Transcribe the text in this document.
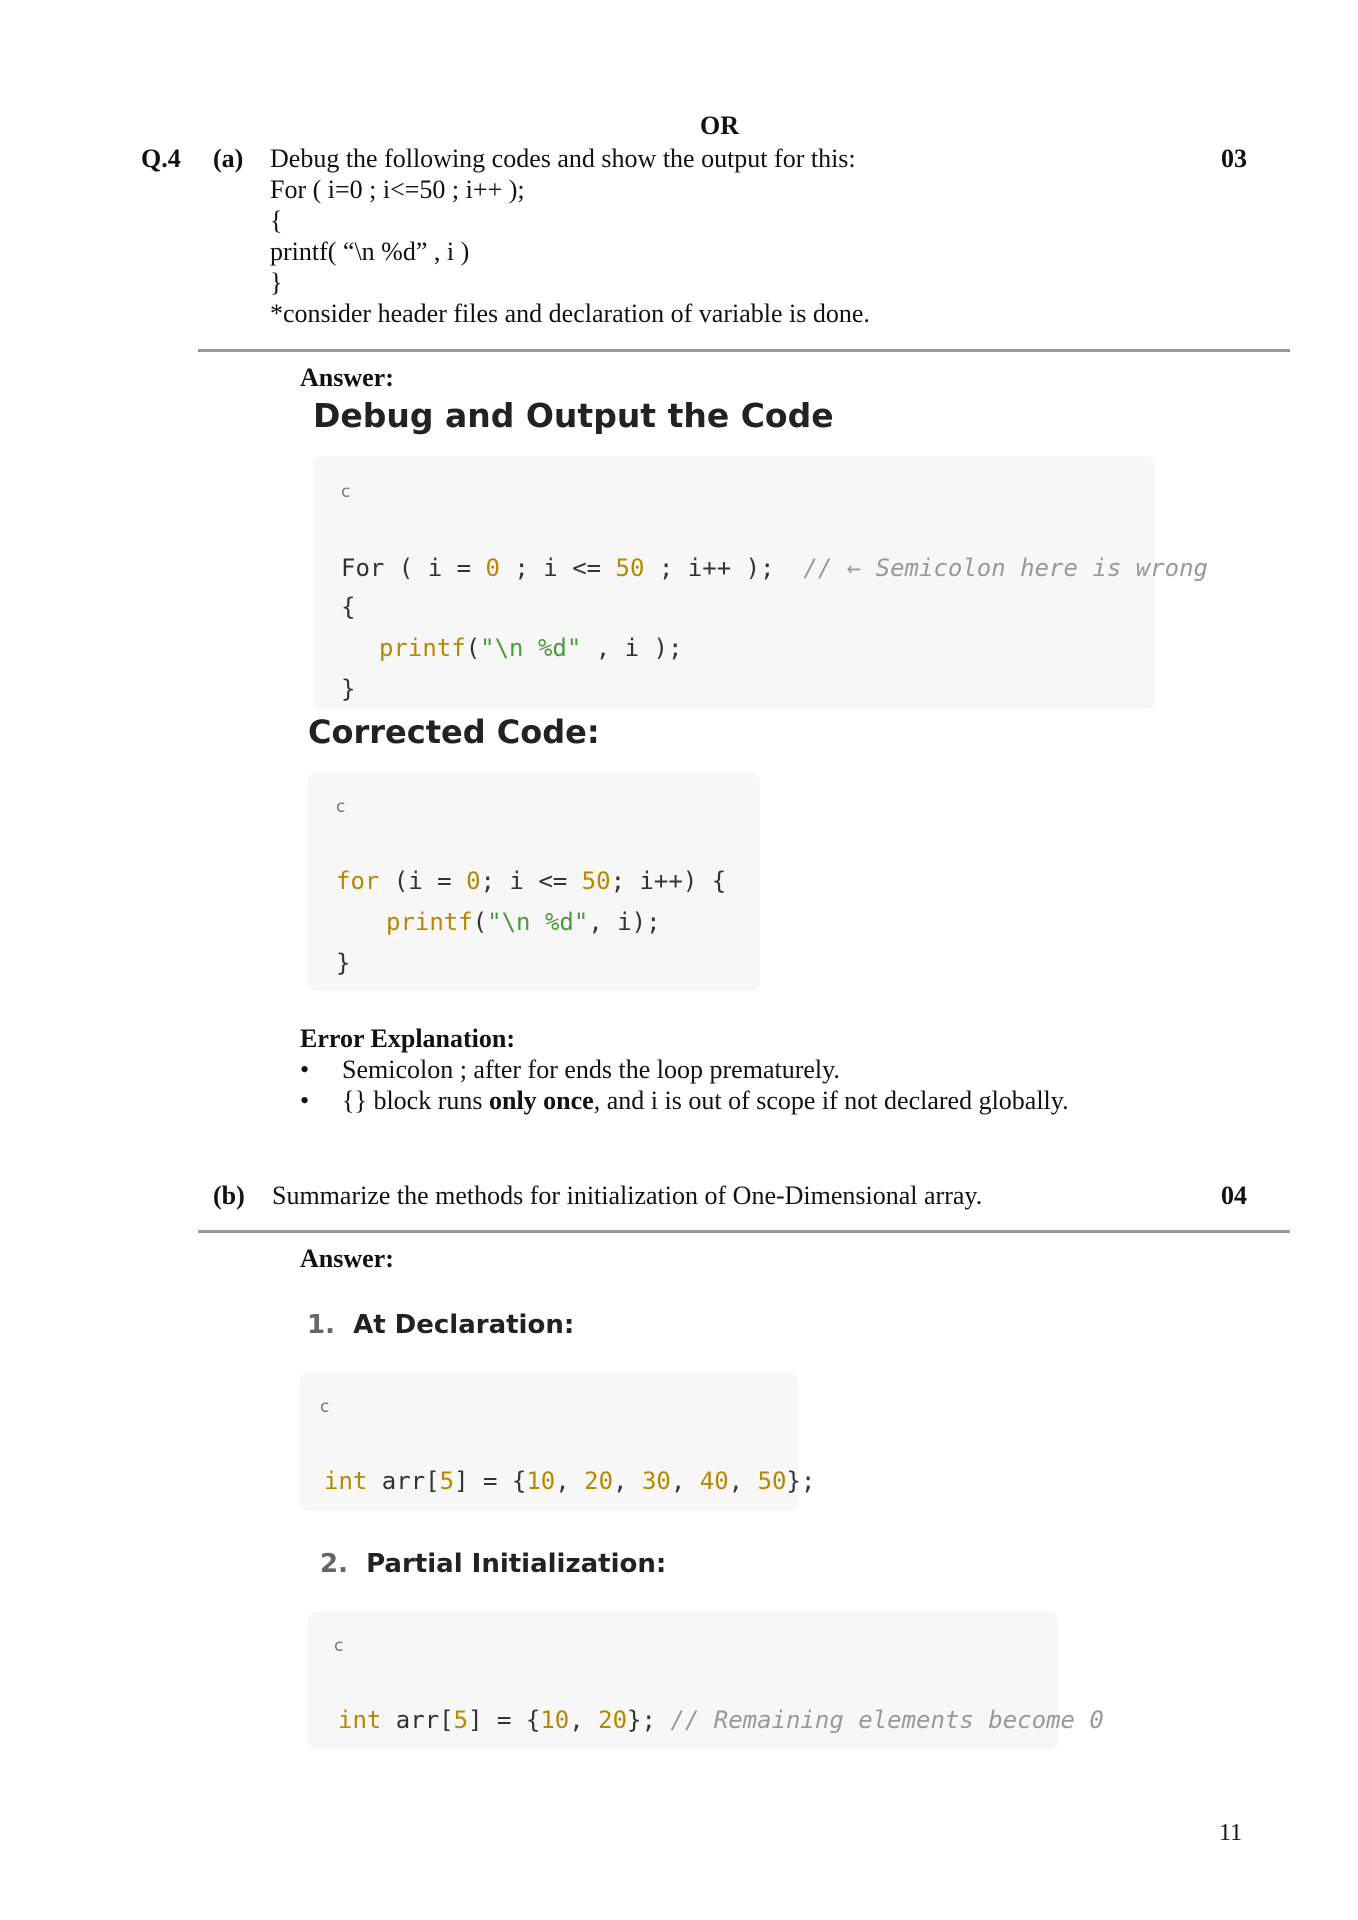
OR
Q.4 (a)	03
Debug the following codes and show the output for this:
For ( i=0 ; i<=50 ; i++ );
{
printf( “\n %d” , i )
}
*consider header files and declaration of variable is done.
Answer:
Debug and Output the Code
c
For ( i = 0 ; i <= 50 ; i++ );  // ← Semicolon here is wrong
{
printf("\n %d" , i );
}
Corrected Code:
c
for (i = 0; i <= 50; i++) {
printf("\n %d", i);
}
Error Explanation:
• Semicolon ; after for ends the loop prematurely.
• {} block runs only once, and i is out of scope if not declared globally.
(b) Summarize the methods for initialization of One-Dimensional array.	04
Answer:
1. At Declaration:
c
int arr[5] = {10, 20, 30, 40, 50};
2. Partial Initialization:
c
int arr[5] = {10, 20}; // Remaining elements become 0
11
